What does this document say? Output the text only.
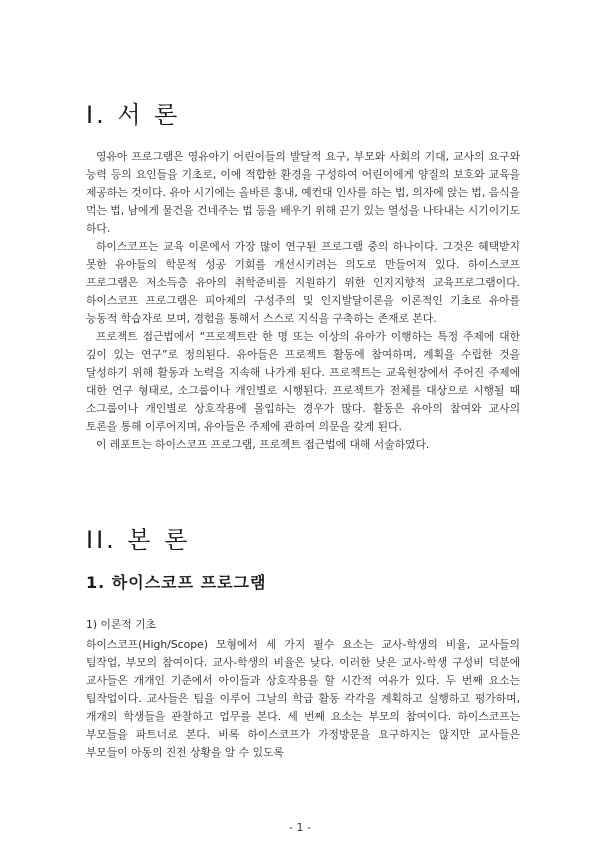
I. 서 론

영유아 프로그램은 영유아기 어린이들의 발달적 요구, 부모와 사회의 기대, 교사의 요구와 능력 등의 요인들을 기초로, 이에 적합한 환경을 구성하여 어린이에게 양질의 보호와 교육을 제공하는 것이다. 유아 시기에는 올바른 홍내, 예컨대 인사를 하는 법, 의자에 앉는 법, 음식을 먹는 법, 남에게 물건을 건네주는 법 등을 배우기 위해 끈기 있는 열성을 나타내는 시기이기도 하다.

하이스코프는 교육 이론에서 가장 많이 연구된 프로그램 중의 하나이다. 그것은 혜택받지 못한 유아들의 학문적 성공 기회를 개선시키려는 의도로 만들어져 있다. 하이스코프 프로그램은 저소득층 유아의 취학준비를 지원하기 위한 인지지향적 교육프로그램이다. 하이스코프 프로그램은 피아제의 구성주의 및 인지발달이론을 이론적인 기초로 유아를 능동적 학습자로 보며, 경험을 통해서 스스로 지식을 구축하는 존재로 본다.

프로젝트 접근법에서 “프로젝트란 한 명 또는 이상의 유아가 이행하는 특정 주제에 대한 깊이 있는 연구”로 정의된다. 유아들은 프로젝트 활동에 참여하며, 계획을 수립한 것을 달성하기 위해 활동과 노력을 지속해 나가게 된다. 프로젝트는 교육현장에서 주어진 주제에 대한 연구 형태로, 소그룹이나 개인별로 시행된다. 프로젝트가 전체를 대상으로 시행될 때 소그룹이나 개인별로 상호작용에 몰입하는 경우가 많다. 활동은 유아의 참여와 교사의 토론을 통해 이루어지며, 유아들은 주제에 관하여 의문을 갖게 된다.

이 레포트는 하이스코프 프로그램, 프로젝트 접근법에 대해 서술하였다.

II. 본 론
1. 하이스코프 프로그램

1) 이론적 기초

하이스코프(High/Scope) 모형에서 세 가지 필수 요소는 교사-학생의 비율, 교사들의 팀작업, 부모의 참여이다. 교사-학생의 비율은 낮다. 이러한 낮은 교사-학생 구성비 덕분에 교사들은 개개인 기준에서 아이들과 상호작용을 할 시간적 여유가 있다. 두 번째 요소는 팀작업이다. 교사들은 팀을 이루어 그날의 학급 활동 각각을 계획하고 실행하고 평가하며, 개개의 학생들을 관찰하고 업무를 본다. 세 번째 요소는 부모의 참여이다. 하이스코프는 부모들을 파트너로 본다. 비록 하이스코프가 가정방문을 요구하지는 않지만 교사들은 부모들이 아동의 진전 상황을 알 수 있도록

- 1 -
